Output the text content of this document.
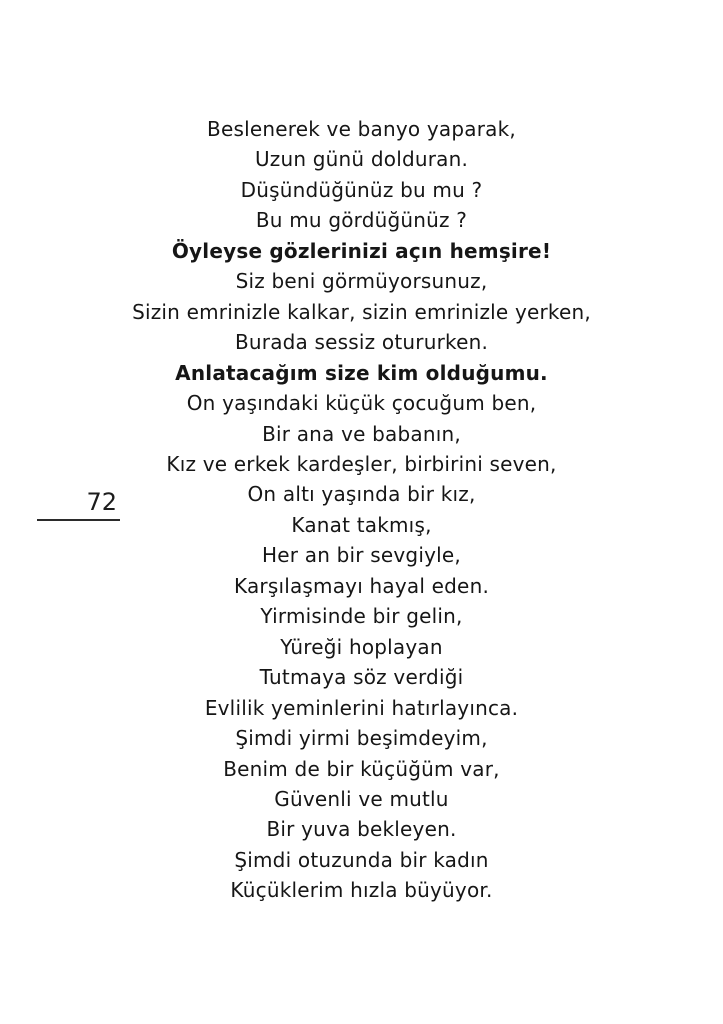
72
Beslenerek ve banyo yaparak,
Uzun günü dolduran.
Düşündüğünüz bu mu ?
Bu mu gördüğünüz ?
Öyleyse gözlerinizi açın hemşire!
Siz beni görmüyorsunuz,
Sizin emrinizle kalkar, sizin emrinizle yerken,
Burada sessiz otururken.
Anlatacağım size kim olduğumu.
On yaşındaki küçük çocuğum ben,
Bir ana ve babanın,
Kız ve erkek kardeşler, birbirini seven,
On altı yaşında bir kız,
Kanat takmış,
Her an bir sevgiyle,
Karşılaşmayı hayal eden.
Yirmisinde bir gelin,
Yüreği hoplayan
Tutmaya söz verdiği
Evlilik yeminlerini hatırlayınca.
Şimdi yirmi beşimdeyim,
Benim de bir küçüğüm var,
Güvenli ve mutlu
Bir yuva bekleyen.
Şimdi otuzunda bir kadın
Küçüklerim hızla büyüyor.
